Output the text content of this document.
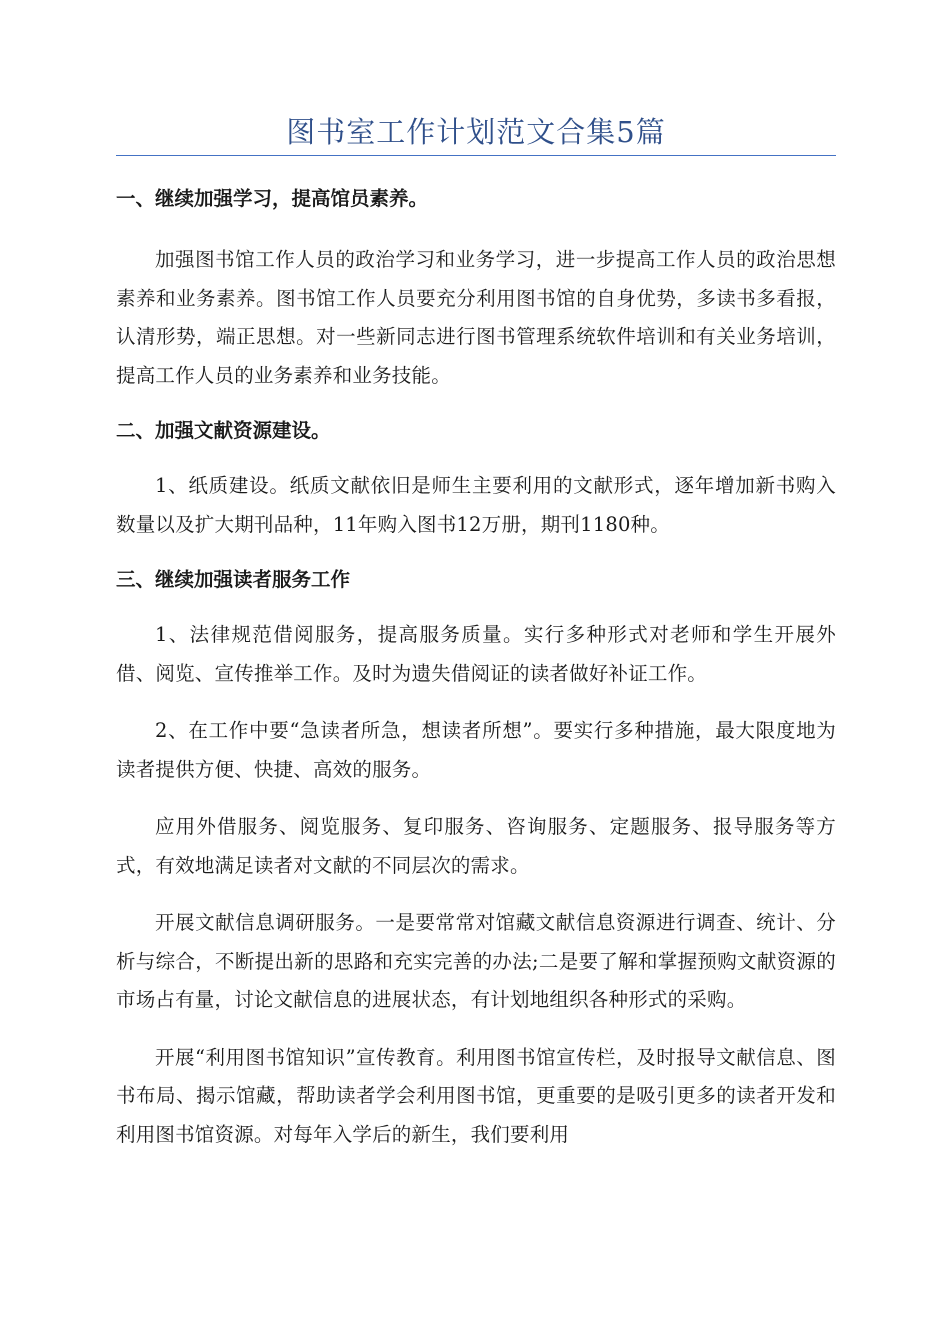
图书室工作计划范文合集5篇
一、继续加强学习，提高馆员素养。

加强图书馆工作人员的政治学习和业务学习，进一步提高工作人员的政治思想素养和业务素养。图书馆工作人员要充分利用图书馆的自身优势，多读书多看报，认清形势，端正思想。对一些新同志进行图书管理系统软件培训和有关业务培训，提高工作人员的业务素养和业务技能。

二、加强文献资源建设。

1、纸质建设。纸质文献依旧是师生主要利用的文献形式，逐年增加新书购入数量以及扩大期刊品种，11年购入图书12万册，期刊1180种。

三、继续加强读者服务工作

1、法律规范借阅服务，提高服务质量。实行多种形式对老师和学生开展外借、阅览、宣传推举工作。及时为遗失借阅证的读者做好补证工作。

2、在工作中要“急读者所急，想读者所想”。要实行多种措施，最大限度地为读者提供方便、快捷、高效的服务。

应用外借服务、阅览服务、复印服务、咨询服务、定题服务、报导服务等方式，有效地满足读者对文献的不同层次的需求。

开展文献信息调研服务。一是要常常对馆藏文献信息资源进行调查、统计、分析与综合，不断提出新的思路和充实完善的办法;二是要了解和掌握预购文献资源的市场占有量，讨论文献信息的进展状态，有计划地组织各种形式的采购。

开展“利用图书馆知识”宣传教育。利用图书馆宣传栏，及时报导文献信息、图书布局、揭示馆藏，帮助读者学会利用图书馆，更重要的是吸引更多的读者开发和利用图书馆资源。对每年入学后的新生，我们要利用
